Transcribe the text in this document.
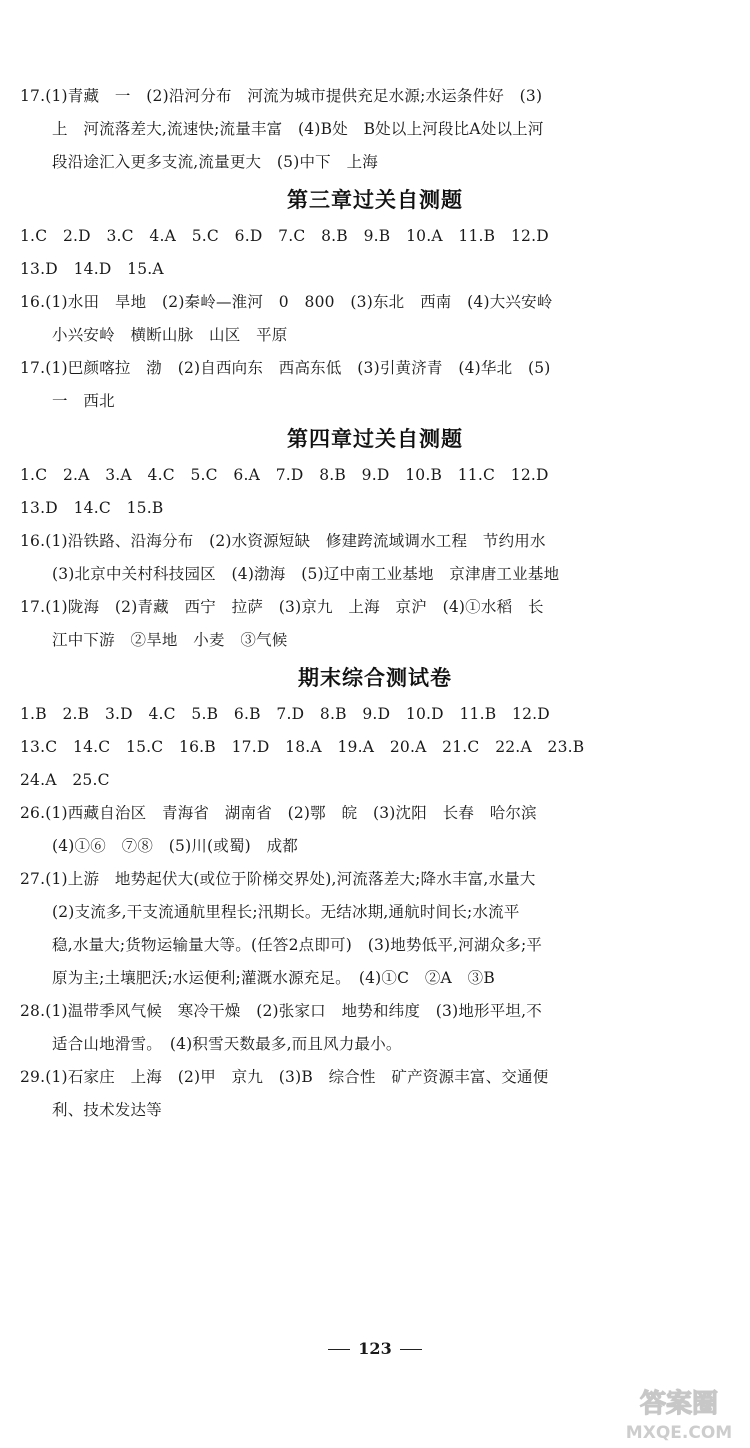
17.(1)青藏　一　(2)沿河分布　河流为城市提供充足水源;水运条件好　(3)
上　河流落差大,流速快;流量丰富　(4)B处　B处以上河段比A处以上河
段沿途汇入更多支流,流量更大　(5)中下　上海
第三章过关自测题
1.C　2.D　3.C　4.A　5.C　6.D　7.C　8.B　9.B　10.A　11.B　12.D
13.D　14.D　15.A
16.(1)水田　旱地　(2)秦岭—淮河　0　800　(3)东北　西南　(4)大兴安岭
小兴安岭　横断山脉　山区　平原
17.(1)巴颜喀拉　渤　(2)自西向东　西高东低　(3)引黄济青　(4)华北　(5)
一　西北
第四章过关自测题
1.C　2.A　3.A　4.C　5.C　6.A　7.D　8.B　9.D　10.B　11.C　12.D
13.D　14.C　15.B
16.(1)沿铁路、沿海分布　(2)水资源短缺　修建跨流域调水工程　节约用水
(3)北京中关村科技园区　(4)渤海　(5)辽中南工业基地　京津唐工业基地
17.(1)陇海　(2)青藏　西宁　拉萨　(3)京九　上海　京沪　(4)①水稻　长
江中下游　②旱地　小麦　③气候
期末综合测试卷
1.B　2.B　3.D　4.C　5.B　6.B　7.D　8.B　9.D　10.D　11.B　12.D
13.C　14.C　15.C　16.B　17.D　18.A　19.A　20.A　21.C　22.A　23.B
24.A　25.C
26.(1)西藏自治区　青海省　湖南省　(2)鄂　皖　(3)沈阳　长春　哈尔滨
(4)①⑥　⑦⑧　(5)川(或蜀)　成都
27.(1)上游　地势起伏大(或位于阶梯交界处),河流落差大;降水丰富,水量大
(2)支流多,干支流通航里程长;汛期长。无结冰期,通航时间长;水流平
稳,水量大;货物运输量大等。(任答2点即可)　(3)地势低平,河湖众多;平
原为主;土壤肥沃;水运便利;灌溉水源充足。　(4)①C　②A　③B
28.(1)温带季风气候　寒冷干燥　(2)张家口　地势和纬度　(3)地形平坦,不
适合山地滑雪。　(4)积雪天数最多,而且风力最小。
29.(1)石家庄　上海　(2)甲　京九　(3)B　综合性　矿产资源丰富、交通便
利、技术发达等
123
答案圈
MXQE.COM
